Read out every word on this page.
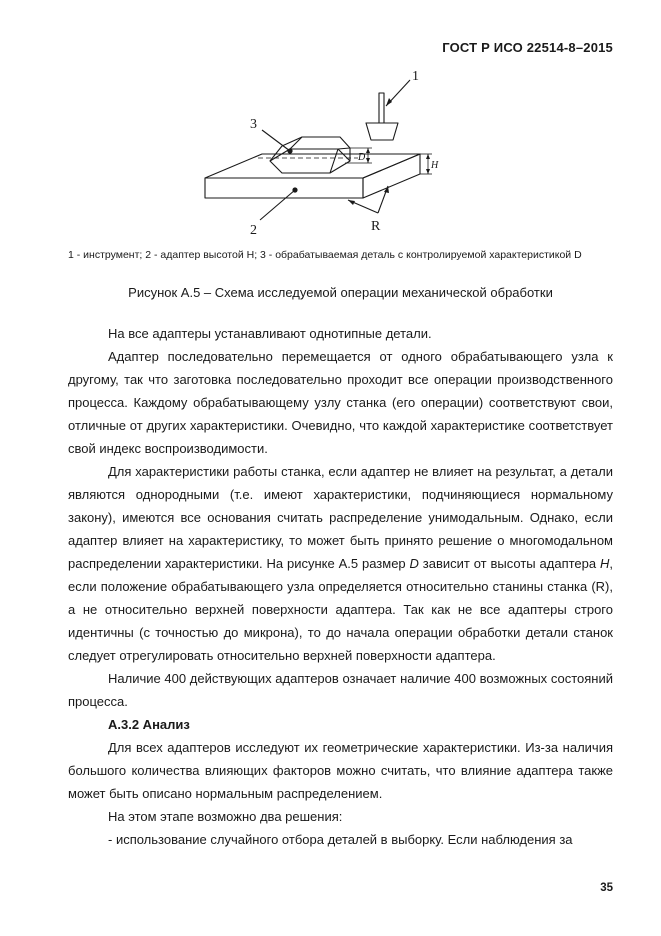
ГОСТ Р ИСО 22514-8–2015
1
3
2	R
D
H
1 - инструмент; 2 - адаптер высотой H; 3 - обрабатываемая деталь с контролируемой характеристикой D
Рисунок А.5 – Схема исследуемой операции механической обработки

На все адаптеры устанавливают однотипные детали.

Адаптер последовательно перемещается от одного обрабатывающего узла к другому, так что заготовка последовательно проходит все операции производственного процесса. Каждому обрабатывающему узлу станка (его операции) соответствуют свои, отличные от других характеристики. Очевидно, что каждой характеристике соответствует свой индекс воспроизводимости.

Для характеристики работы станка, если адаптер не влияет на результат, а детали являются однородными (т.е. имеют характеристики, подчиняющиеся нормальному закону), имеются все основания считать распределение унимодальным. Однако, если адаптер влияет на характеристику, то может быть принято решение о многомодальном распределении характеристики. На рисунке А.5 размер D зависит от высоты адаптера H, если положение обрабатывающего узла определяется относительно станины станка (R), а не относительно верхней поверхности адаптера. Так как не все адаптеры строго идентичны (с точностью до микрона), то до начала операции обработки детали станок следует отрегулировать относительно верхней поверхности адаптера.

Наличие 400 действующих адаптеров означает наличие 400 возможных состояний процесса.

А.3.2 Анализ

Для всех адаптеров исследуют их геометрические характеристики. Из-за наличия большого количества влияющих факторов можно считать, что влияние адаптера также может быть описано нормальным распределением.

На этом этапе возможно два решения:

- использование случайного отбора деталей в выборку. Если наблюдения за
35
